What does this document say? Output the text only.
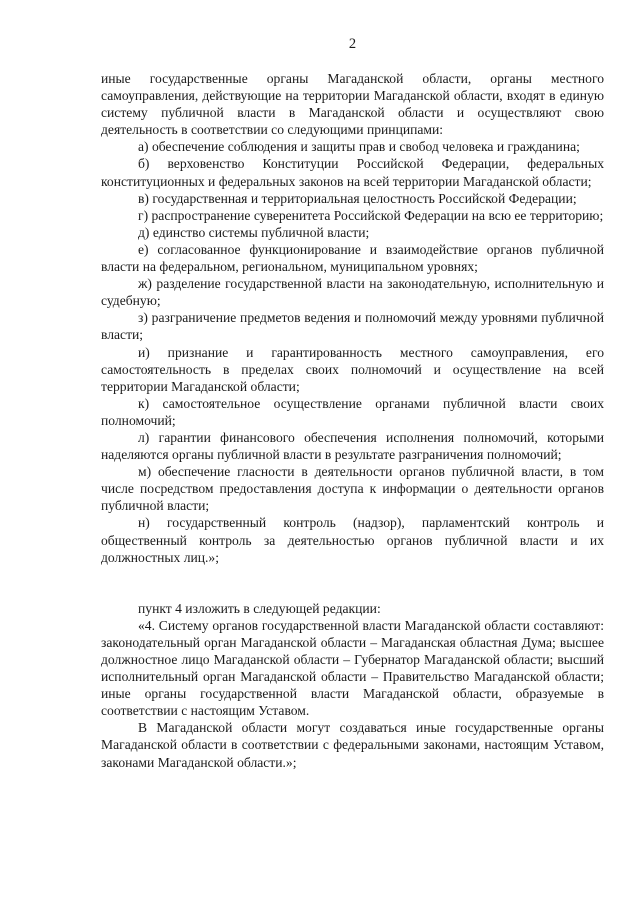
2

иные государственные органы Магаданской области, органы местного самоуправления, действующие на территории Магаданской области, входят в единую систему публичной власти в Магаданской области и осуществляют свою деятельность в соответствии со следующими принципами:

а) обеспечение соблюдения и защиты прав и свобод человека и гражданина;

б) верховенство Конституции Российской Федерации, федеральных конституционных и федеральных законов на всей территории Магаданской области;

в) государственная и территориальная целостность Российской Федерации;

г) распространение суверенитета Российской Федерации на всю ее территорию;

д) единство системы публичной власти;

е) согласованное функционирование и взаимодействие органов публичной власти на федеральном, региональном, муниципальном уровнях;

ж) разделение государственной власти на законодательную, исполнительную и судебную;

з) разграничение предметов ведения и полномочий между уровнями публичной власти;

и) признание и гарантированность местного самоуправления, его самостоятельность в пределах своих полномочий и осуществление на всей территории Магаданской области;

к) самостоятельное осуществление органами публичной власти своих полномочий;

л) гарантии финансового обеспечения исполнения полномочий, которыми наделяются органы публичной власти в результате разграничения полномочий;

м) обеспечение гласности в деятельности органов публичной власти, в том числе посредством предоставления доступа к информации о деятельности органов публичной власти;

н) государственный контроль (надзор), парламентский контроль и общественный контроль за деятельностью органов публичной власти и их должностных лиц.»;

пункт 4 изложить в следующей редакции:

«4. Систему органов государственной власти Магаданской области составляют: законодательный орган Магаданской области – Магаданская областная Дума; высшее должностное лицо Магаданской области – Губернатор Магаданской области; высший исполнительный орган Магаданской области – Правительство Магаданской области; иные органы государственной власти Магаданской области, образуемые в соответствии с настоящим Уставом.

В Магаданской области могут создаваться иные государственные органы Магаданской области в соответствии с федеральными законами, настоящим Уставом, законами Магаданской области.»;
